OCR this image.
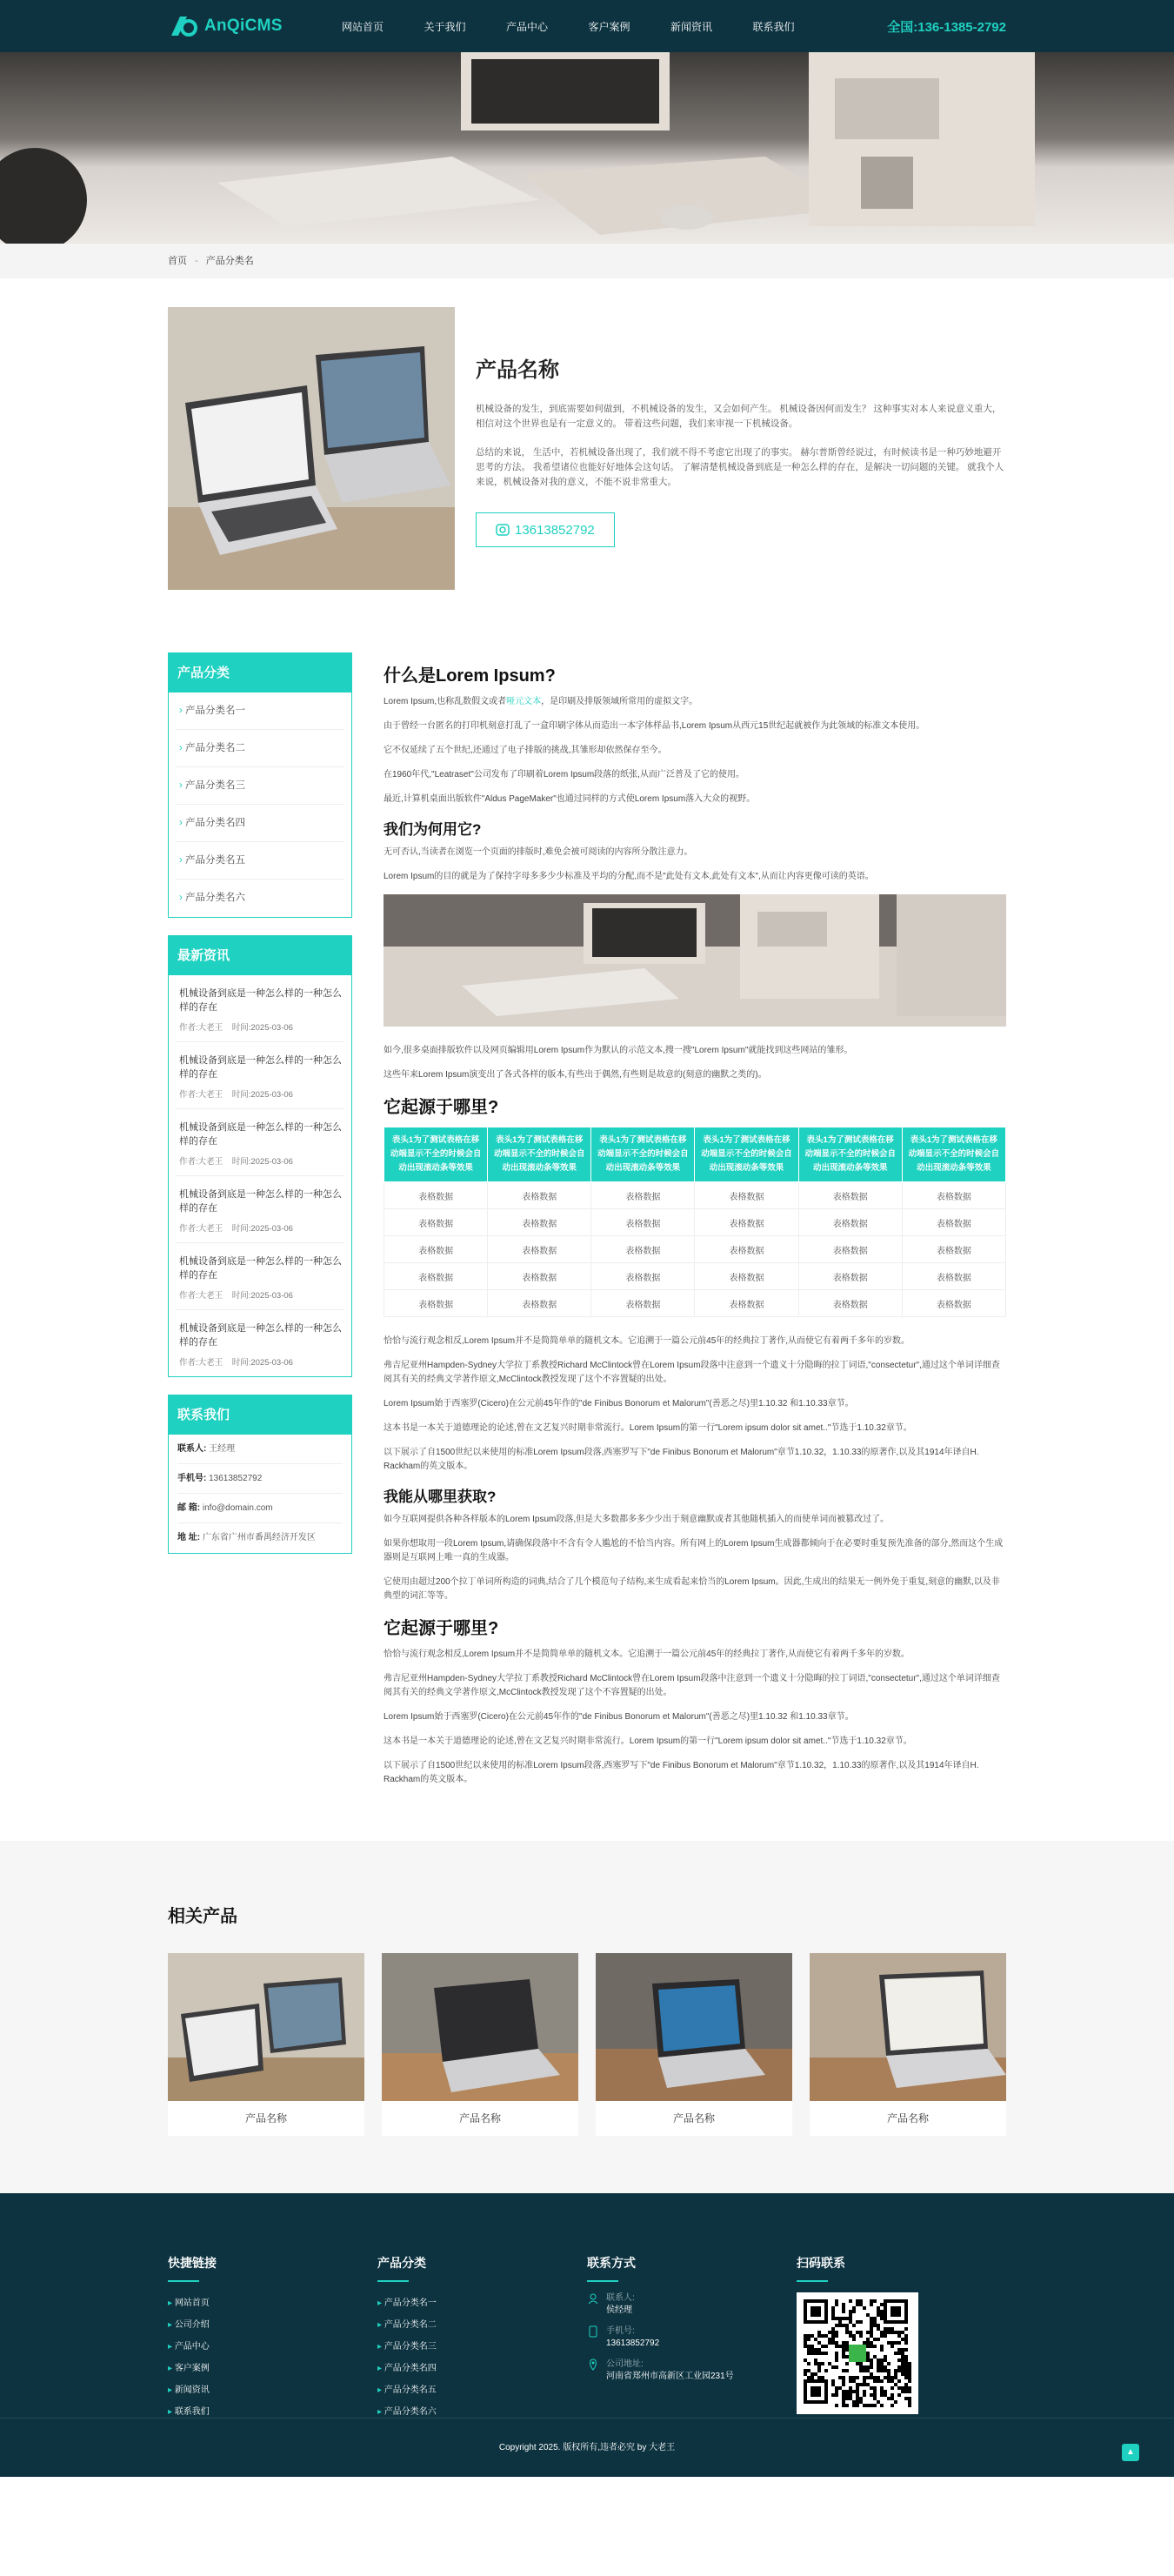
AnQiCMS	网站首页	关于我们	产品中心	客户案例	新闻资讯	联系我们	全国:136-1385-2792
首页 - 产品分类名
产品名称

机械设备的发生，到底需要如何做到，不机械设备的发生，又会如何产生。 机械设备因何而发生？ 这种事实对本人来说意义重大，相信对这个世界也是有一定意义的。 带着这些问题，我们来审视一下机械设备。

总结的来说， 生活中，若机械设备出现了，我们就不得不考虑它出现了的事实。 赫尔普斯曾经说过，有时候读书是一种巧妙地避开思考的方法。 我希望诸位也能好好地体会这句话。 了解清楚机械设备到底是一种怎么样的存在，是解决一切问题的关键。 就我个人来说，机械设备对我的意义，不能不说非常重大。

13613852792
产品分类
› 产品分类名一
› 产品分类名二
› 产品分类名三
› 产品分类名四
› 产品分类名五
› 产品分类名六
最新资讯
机械设备到底是一种怎么样的一种怎么样的存在
作者:大老王 时间:2025-03-06
机械设备到底是一种怎么样的一种怎么样的存在
作者:大老王 时间:2025-03-06
机械设备到底是一种怎么样的一种怎么样的存在
作者:大老王 时间:2025-03-06
机械设备到底是一种怎么样的一种怎么样的存在
作者:大老王 时间:2025-03-06
机械设备到底是一种怎么样的一种怎么样的存在
作者:大老王 时间:2025-03-06
机械设备到底是一种怎么样的一种怎么样的存在
作者:大老王 时间:2025-03-06
联系我们
联系人: 王经理
手机号: 13613852792
邮 箱: info@domain.com
地 址: 广东省广州市番禺经济开发区
什么是Lorem Ipsum?

Lorem Ipsum,也称乱数假文或者哑元文本，是印刷及排版领域所常用的虚拟文字。

由于曾经一台匿名的打印机刻意打乱了一盒印刷字体从而造出一本字体样品书,Lorem Ipsum从西元15世纪起就被作为此领域的标准文本使用。

它不仅延续了五个世纪,还通过了电子排版的挑战,其雏形却依然保存至今。

在1960年代,"Leatraset"公司发布了印刷着Lorem Ipsum段落的纸张,从而广泛普及了它的使用。

最近,计算机桌面出版软件"Aldus PageMaker"也通过同样的方式使Lorem Ipsum落入大众的视野。

我们为何用它?

无可否认,当读者在浏览一个页面的排版时,难免会被可阅读的内容所分散注意力。

Lorem Ipsum的目的就是为了保持字母多多少少标准及平均的分配,而不是"此处有文本,此处有文本",从而让内容更像可读的英语。

如今,很多桌面排版软件以及网页编辑用Lorem Ipsum作为默认的示范文本,搜一搜"Lorem Ipsum"就能找到这些网站的雏形。

这些年来Lorem Ipsum演变出了各式各样的版本,有些出于偶然,有些则是故意的(刻意的幽默之类的)。

它起源于哪里?
表头1为了测试表格在移动端显示不全的时候会自动出现滚动条等效果	表头1为了测试表格在移动端显示不全的时候会自动出现滚动条等效果	表头1为了测试表格在移动端显示不全的时候会自动出现滚动条等效果	表头1为了测试表格在移动端显示不全的时候会自动出现滚动条等效果	表头1为了测试表格在移动端显示不全的时候会自动出现滚动条等效果	表头1为了测试表格在移动端显示不全的时候会自动出现滚动条等效果
表格数据	表格数据	表格数据	表格数据	表格数据	表格数据
表格数据	表格数据	表格数据	表格数据	表格数据	表格数据
表格数据	表格数据	表格数据	表格数据	表格数据	表格数据
表格数据	表格数据	表格数据	表格数据	表格数据	表格数据
表格数据	表格数据	表格数据	表格数据	表格数据	表格数据

恰恰与流行观念相反,Lorem Ipsum并不是简简单单的随机文本。它追溯于一篇公元前45年的经典拉丁著作,从而使它有着两千多年的岁数。

弗吉尼亚州Hampden-Sydney大学拉丁系教授Richard McClintock曾在Lorem Ipsum段落中注意到一个遗义十分隐晦的拉丁词语,"consectetur",通过这个单词详细查阅其有关的经典文学著作原文,McClintock教授发现了这个不容置疑的出处。

Lorem Ipsum始于西塞罗(Cicero)在公元前45年作的"de Finibus Bonorum et Malorum"(善恶之尽)里1.10.32 和1.10.33章节。

这本书是一本关于道德理论的论述,曾在文艺复兴时期非常流行。Lorem Ipsum的第一行"Lorem ipsum dolor sit amet.."节选于1.10.32章节。

以下展示了自1500世纪以来使用的标准Lorem Ipsum段落,西塞罗写下"de Finibus Bonorum et Malorum"章节1.10.32，1.10.33的原著作,以及其1914年译自H. Rackham的英文版本。

我能从哪里获取?

如今互联网提供各种各样版本的Lorem Ipsum段落,但是大多数都多多少少出于刻意幽默或者其他随机插入的而使单词而被篡改过了。

如果你想取用一段Lorem Ipsum,请确保段落中不含有令人尴尬的不恰当内容。所有网上的Lorem Ipsum生成器都倾向于在必要时重复预先准备的部分,然而这个生成器则是互联网上唯一真的生成器。

它使用由超过200个拉丁单词所构造的词典,结合了几个模范句子结构,来生成看起来恰当的Lorem Ipsum。因此,生成出的结果无一例外免于重复,刻意的幽默,以及非典型的词汇等等。

它起源于哪里?

恰恰与流行观念相反,Lorem Ipsum并不是简简单单的随机文本。它追溯于一篇公元前45年的经典拉丁著作,从而使它有着两千多年的岁数。

弗吉尼亚州Hampden-Sydney大学拉丁系教授Richard McClintock曾在Lorem Ipsum段落中注意到一个遗义十分隐晦的拉丁词语,"consectetur",通过这个单词详细查阅其有关的经典文学著作原文,McClintock教授发现了这个不容置疑的出处。

Lorem Ipsum始于西塞罗(Cicero)在公元前45年作的"de Finibus Bonorum et Malorum"(善恶之尽)里1.10.32 和1.10.33章节。

这本书是一本关于道德理论的论述,曾在文艺复兴时期非常流行。Lorem Ipsum的第一行"Lorem ipsum dolor sit amet.."节选于1.10.32章节。

以下展示了自1500世纪以来使用的标准Lorem Ipsum段落,西塞罗写下"de Finibus Bonorum et Malorum"章节1.10.32，1.10.33的原著作,以及其1914年译自H. Rackham的英文版本。

相关产品
产品名称	产品名称	产品名称	产品名称
快捷链接
▸ 网站首页
▸ 公司介绍
▸ 产品中心
▸ 客户案例
▸ 新闻资讯
▸ 联系我们
产品分类
▸ 产品分类名一
▸ 产品分类名二
▸ 产品分类名三
▸ 产品分类名四
▸ 产品分类名五
▸ 产品分类名六
联系方式
联系人:
侯经理
手机号:
13613852792
公司地址:
河南省郑州市高新区工业园231号
扫码联系
Copyright 2025. 版权所有,违者必究 by 大老王	▲
